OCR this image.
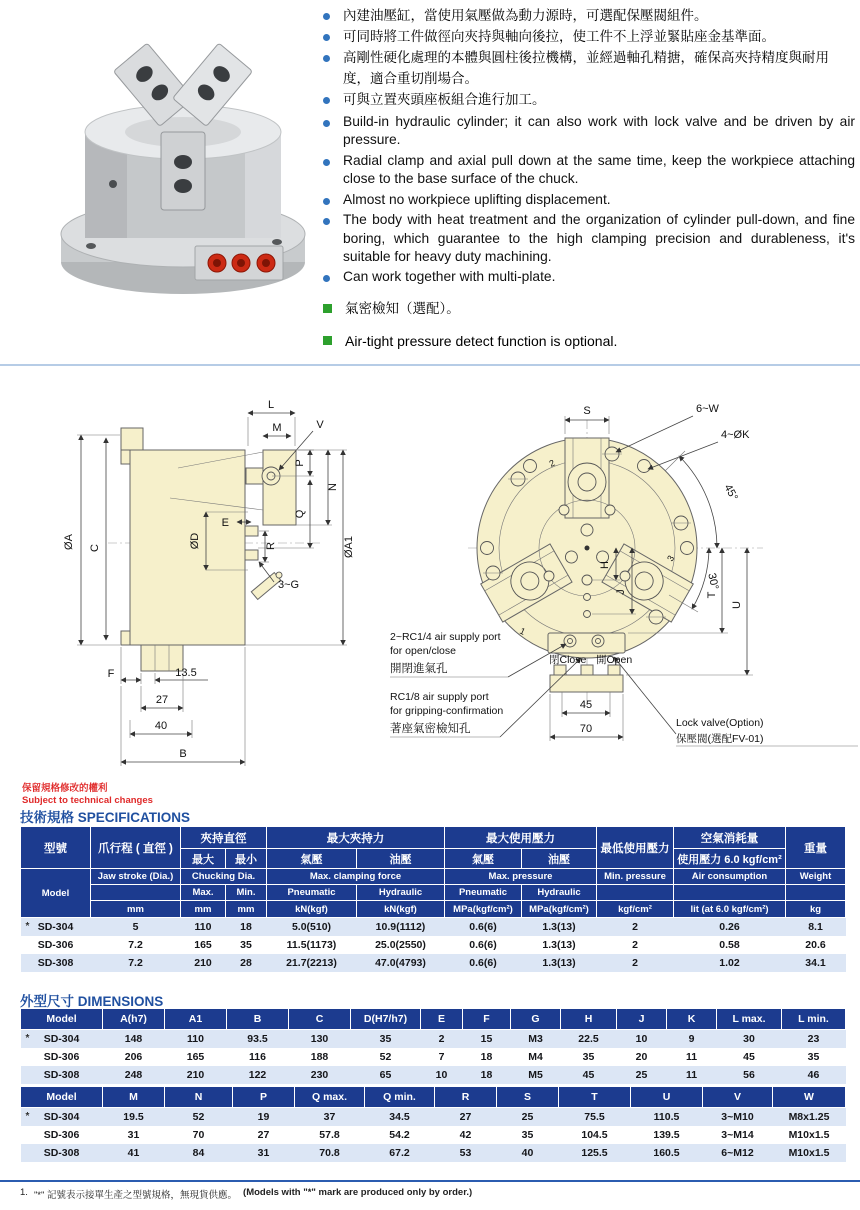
內建油壓缸，當使用氣壓做為動力源時，可選配保壓閥組件。
可同時將工件做徑向夾持與軸向後拉，使工件不上浮並緊貼座金基準面。
高剛性硬化處理的本體與圓柱後拉機構，並經過軸孔精搪，確保高夾持精度與耐用度，適合重切削場合。
可與立置夾頭座板組合進行加工。
Build-in hydraulic cylinder; it can also work with lock valve and be driven by air pressure.
Radial clamp and axial pull down at the same time, keep the workpiece attaching close to the base surface of the chuck.
Almost no workpiece uplifting displacement.
The body with heat treatment and the organization of cylinder pull-down, and fine boring, which guarantee to the high clamping precision and durableness, it's suitable for heavy duty machining.
Can work together with multi-plate.
氣密檢知（選配）。
Air-tight pressure detect function is optional.
L
M	V
ØA C
P
N
Q
ØA1
ØD
E
R
3~G
F	13.5
27
40
B
S	6~W
4~ØK
45°
30°
H
J	T
U
2
3
1
閉Close 開Open
45
70
2~RC1/4 air supply port
for open/close
開閉進氣孔
RC1/8 air supply port
for gripping-confirmation
著座氣密檢知孔	Lock valve(Option)
保壓閥(選配FV-01)
保留規格修改的權利
Subject to technical changes
技術規格 SPECIFICATIONS
型號	爪行程 ( 直徑 )	夾持直徑		最大夾持力		最大使用壓力		最低使用壓力	空氣消耗量	重量
		最大	最小	氣壓	油壓	氣壓	油壓		使用壓力 6.0 kgf/cm²	
Model	Jaw stroke (Dia.)	Chucking Dia.		Max. clamping force		Max. pressure		Min. pressure	Air consumption	Weight
		Max.	Min.	Pneumatic	Hydraulic	Pneumatic	Hydraulic			
	mm	mm	mm	kN(kgf)	kN(kgf)	MPa(kgf/cm²)	MPa(kgf/cm²)	kgf/cm²	lit (at 6.0 kgf/cm²)	kg

* SD-304	5	110	18	5.0(510)	10.9(1112)	0.6(6)	1.3(13)	2	0.26	8.1

SD-306	7.2	165	35	11.5(1173)	25.0(2550)	0.6(6)	1.3(13)	2	0.58	20.6

SD-308	7.2	210	28	21.7(2213)	47.0(4793)	0.6(6)	1.3(13)	2	1.02	34.1
外型尺寸 DIMENSIONS
Model	A(h7)	A1	B	C	D(H7/h7)	E	F	G	H	J	K	L max.	L min.

* SD-304	148	110	93.5	130	35	2	15	M3	22.5	10	9	30	23

SD-306	206	165	116	188	52	7	18	M4	35	20	11	45	35

SD-308	248	210	122	230	65	10	18	M5	45	25	11	56	46
Model	M	N	P	Q max.	Q min.	R	S	T	U	V	W

* SD-304	19.5	52	19	37	34.5	27	25	75.5	110.5	3~M10	M8x1.25

SD-306	31	70	27	57.8	54.2	42	35	104.5	139.5	3~M14	M10x1.5

SD-308	41	84	31	70.8	67.2	53	40	125.5	160.5	6~M12	M10x1.5
1. "*" 記號表示接單生產之型號規格，無現貨供應。 (Models with "*" mark are produced only by order.)
